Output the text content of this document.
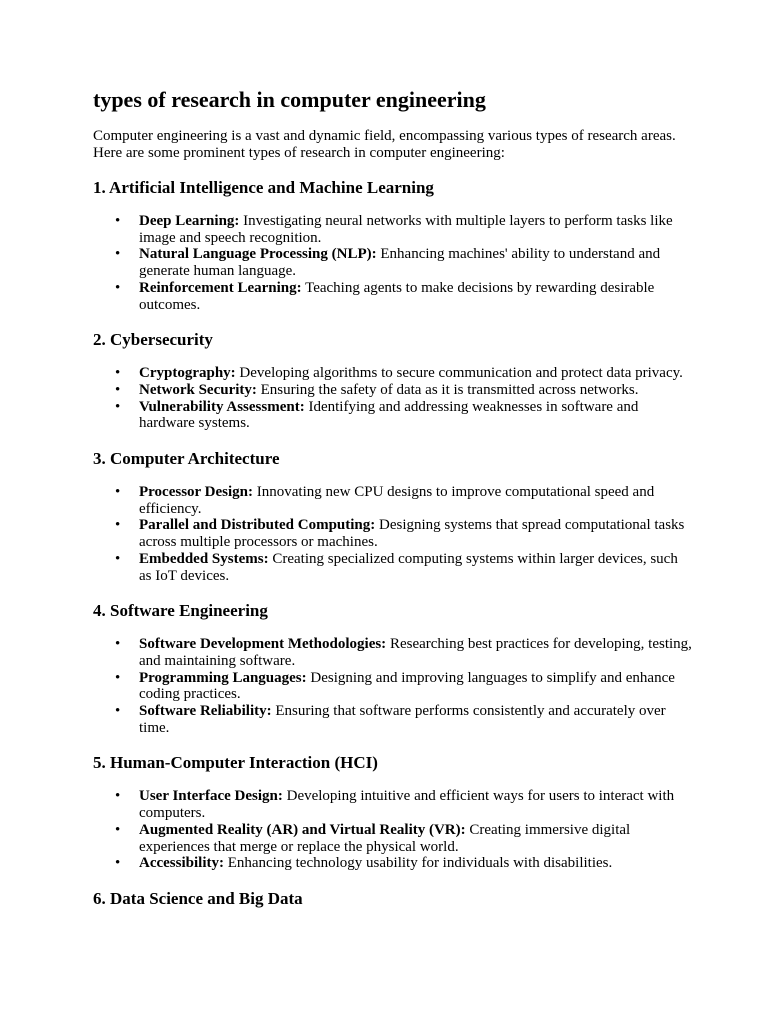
types of research in computer engineering

Computer engineering is a vast and dynamic field, encompassing various types of research areas. Here are some prominent types of research in computer engineering:

1. Artificial Intelligence and Machine Learning
• Deep Learning: Investigating neural networks with multiple layers to perform tasks like image and speech recognition.
• Natural Language Processing (NLP): Enhancing machines' ability to understand and generate human language.
• Reinforcement Learning: Teaching agents to make decisions by rewarding desirable outcomes.
2. Cybersecurity
• Cryptography: Developing algorithms to secure communication and protect data privacy.
• Network Security: Ensuring the safety of data as it is transmitted across networks.
• Vulnerability Assessment: Identifying and addressing weaknesses in software and hardware systems.
3. Computer Architecture
• Processor Design: Innovating new CPU designs to improve computational speed and efficiency.
• Parallel and Distributed Computing: Designing systems that spread computational tasks across multiple processors or machines.
• Embedded Systems: Creating specialized computing systems within larger devices, such as IoT devices.
4. Software Engineering
• Software Development Methodologies: Researching best practices for developing, testing, and maintaining software.
• Programming Languages: Designing and improving languages to simplify and enhance coding practices.
• Software Reliability: Ensuring that software performs consistently and accurately over time.
5. Human-Computer Interaction (HCI)
• User Interface Design: Developing intuitive and efficient ways for users to interact with computers.
• Augmented Reality (AR) and Virtual Reality (VR): Creating immersive digital experiences that merge or replace the physical world.
• Accessibility: Enhancing technology usability for individuals with disabilities.
6. Data Science and Big Data
